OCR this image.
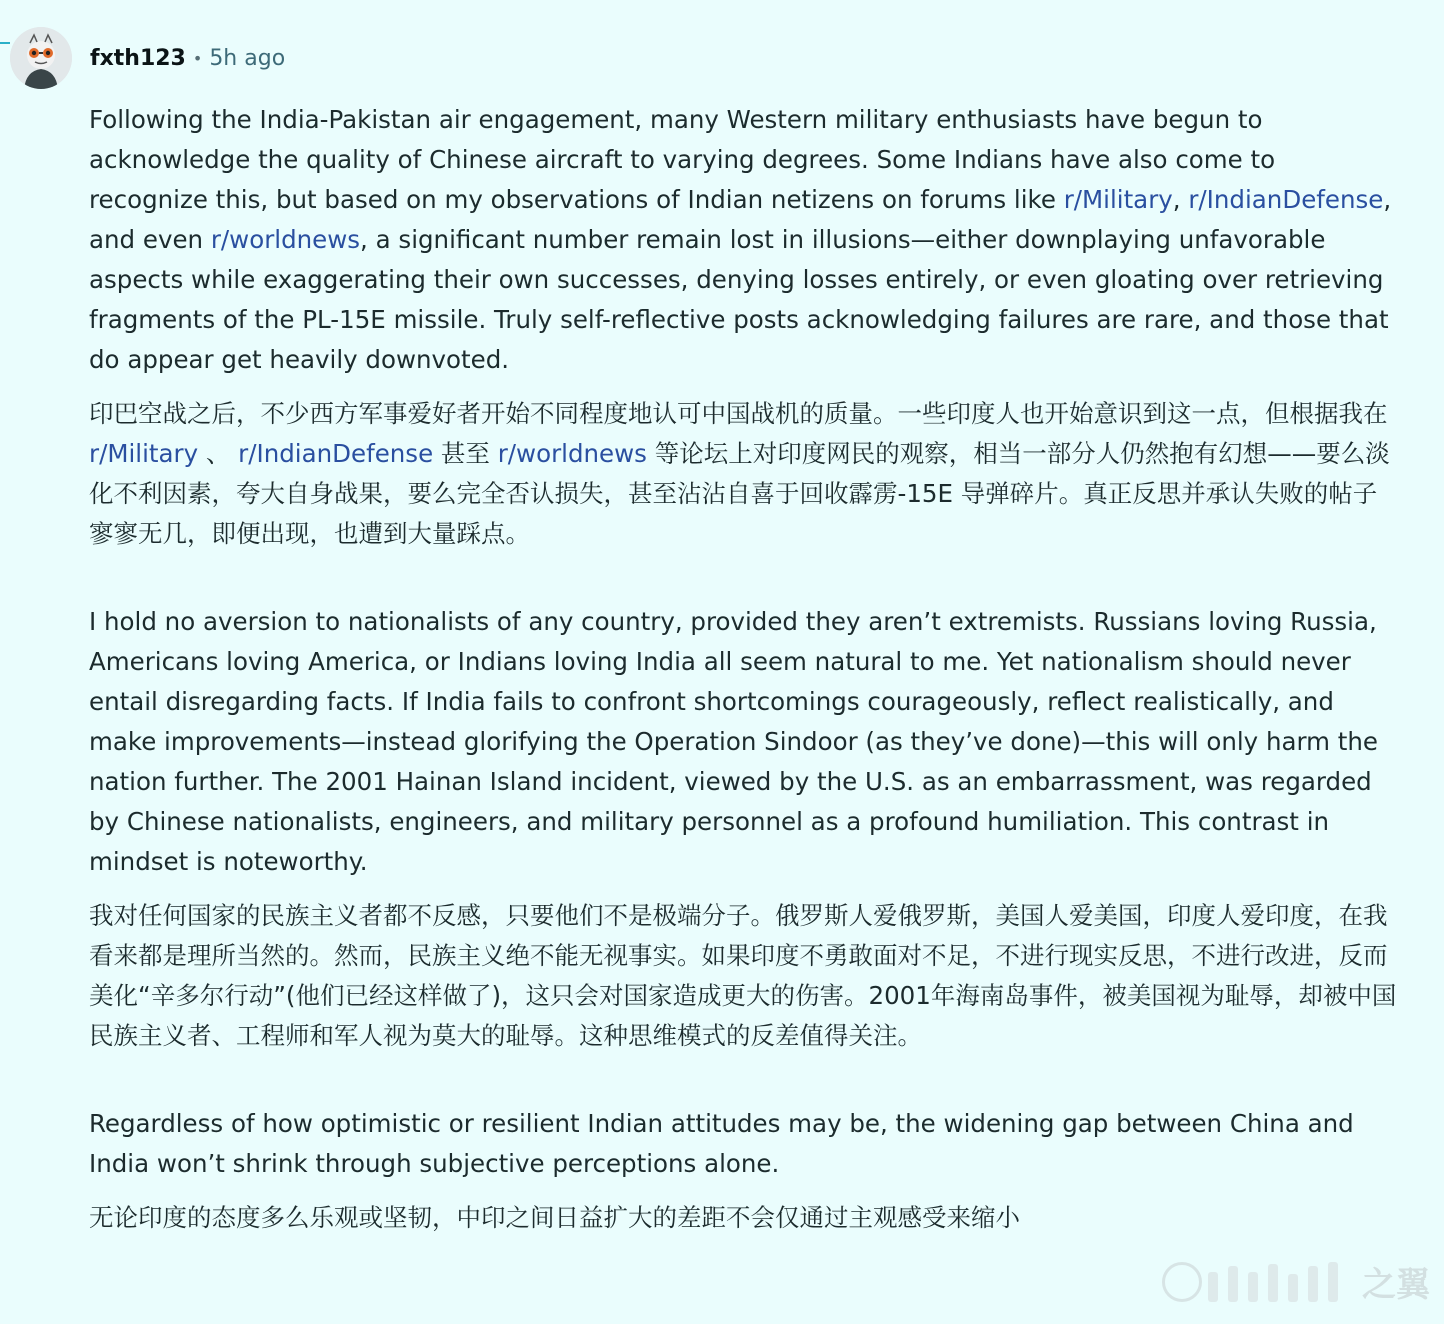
fxth123 • 5h ago

Following the India-Pakistan air engagement, many Western military enthusiasts have begun to acknowledge the quality of Chinese aircraft to varying degrees. Some Indians have also come to recognize this, but based on my observations of Indian netizens on forums like r/Military, r/IndianDefense, and even r/worldnews, a significant number remain lost in illusions—either downplaying unfavorable aspects while exaggerating their own successes, denying losses entirely, or even gloating over retrieving fragments of the PL-15E missile. Truly self-reflective posts acknowledging failures are rare, and those that do appear get heavily downvoted.

印巴空战之后，不少西方军事爱好者开始不同程度地认可中国战机的质量。一些印度人也开始意识到这一点，但根据我在 r/Military 、 r/IndianDefense 甚至 r/worldnews 等论坛上对印度网民的观察，相当一部分人仍然抱有幻想——要么淡化不利因素，夸大自身战果，要么完全否认损失，甚至沾沾自喜于回收霹雳-15E 导弹碎片。真正反思并承认失败的帖子寥寥无几，即便出现，也遭到大量踩点。

I hold no aversion to nationalists of any country, provided they aren’t extremists. Russians loving Russia, Americans loving America, or Indians loving India all seem natural to me. Yet nationalism should never entail disregarding facts. If India fails to confront shortcomings courageously, reflect realistically, and make improvements—instead glorifying the Operation Sindoor (as they’ve done)—this will only harm the nation further. The 2001 Hainan Island incident, viewed by the U.S. as an embarrassment, was regarded by Chinese nationalists, engineers, and military personnel as a profound humiliation. This contrast in mindset is noteworthy.

我对任何国家的民族主义者都不反感，只要他们不是极端分子。俄罗斯人爱俄罗斯，美国人爱美国，印度人爱印度，在我看来都是理所当然的。然而，民族主义绝不能无视事实。如果印度不勇敢面对不足，不进行现实反思，不进行改进，反而美化“辛多尔行动”(他们已经这样做了)，这只会对国家造成更大的伤害。2001年海南岛事件，被美国视为耻辱，却被中国民族主义者、工程师和军人视为莫大的耻辱。这种思维模式的反差值得关注。

Regardless of how optimistic or resilient Indian attitudes may be, the widening gap between China and India won’t shrink through subjective perceptions alone.

无论印度的态度多么乐观或坚韧，中印之间日益扩大的差距不会仅通过主观感受来缩小

之翼
